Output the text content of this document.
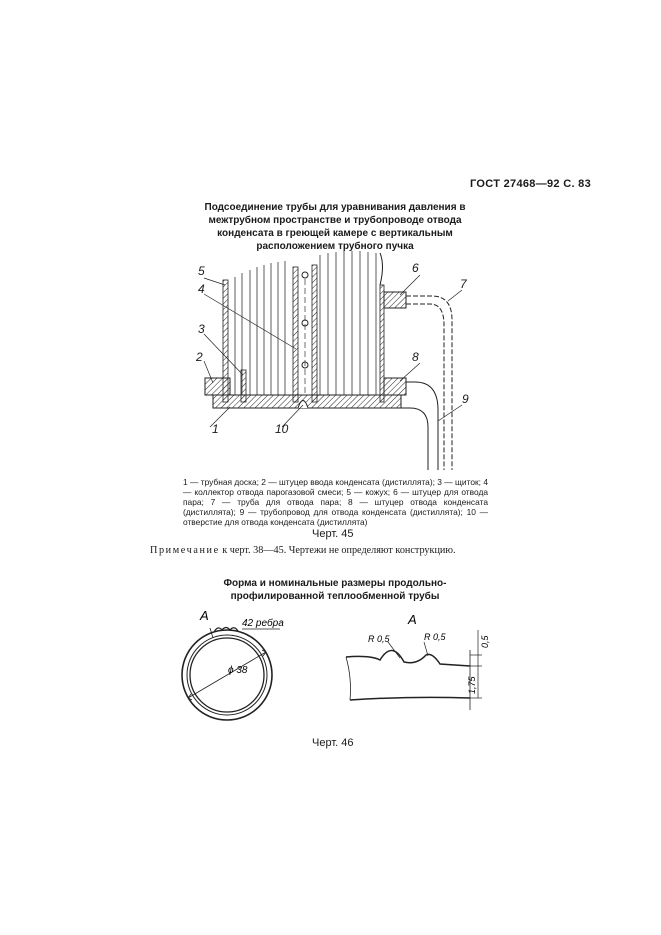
ГОСТ 27468—92 С. 83
Подсоединение трубы для уравнивания давления в межтрубном пространстве и трубопроводе отвода конденсата в греющей камере с вертикальным расположением трубного пучка
5
4
3
2
1	10
6
7
8
9
1 — трубная доска; 2 — штуцер ввода конденсата (дистиллята); 3 — щиток; 4 — коллектор отвода парогазовой смеси; 5 — кожух; 6 — штуцер для отвода пара; 7 — труба для отвода пара; 8 — штуцер отвода конденсата (дистиллята); 9 — трубопровод для отвода конденсата (дистиллята); 10 — отверстие для отвода конденсата (дистиллята)
Черт. 45
Примечание к черт. 38—45. Чертежи не определяют конструкцию.
Форма и номинальные размеры продольно-профилированной теплообменной трубы
A
42 ребра
ϕ 38
A
R 0,5	R 0,5	0,5
1,75
Черт. 46
